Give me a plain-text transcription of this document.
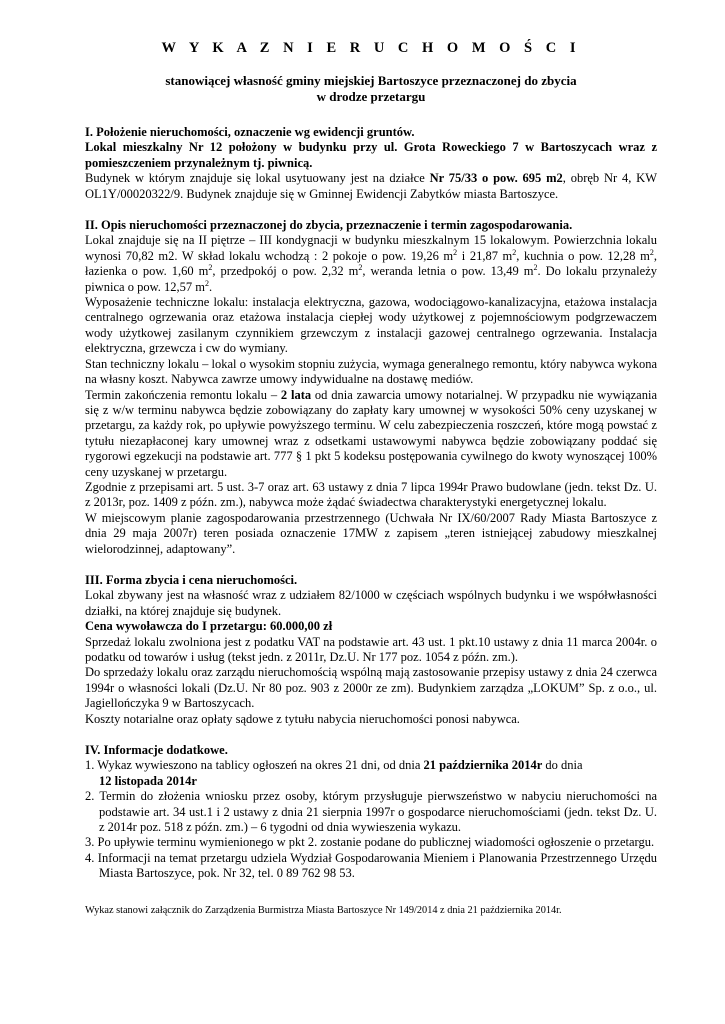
W Y K A Z N I E R U C H O M O Ś C I
stanowiącej własność gminy miejskiej Bartoszyce przeznaczonej do zbycia
w drodze przetargu

I. Położenie nieruchomości, oznaczenie wg ewidencji gruntów.

Lokal mieszkalny Nr 12 położony w budynku przy ul. Grota Roweckiego 7 w Bartoszycach wraz z pomieszczeniem przynależnym tj. piwnicą.

Budynek w którym znajduje się lokal usytuowany jest na działce Nr 75/33 o pow. 695 m2, obręb Nr 4, KW OL1Y/00020322/9. Budynek znajduje się w Gminnej Ewidencji Zabytków miasta Bartoszyce.

II. Opis nieruchomości przeznaczonej do zbycia, przeznaczenie i termin zagospodarowania.

Lokal znajduje się na II piętrze – III kondygnacji w budynku mieszkalnym 15 lokalowym. Powierzchnia lokalu wynosi 70,82 m2. W skład lokalu wchodzą : 2 pokoje o pow. 19,26 $m^2$ i 21,87 $m^2$, kuchnia o pow. 12,28 $m^2$, łazienka o pow. 1,60 $m^2$, przedpokój o pow. 2,32 $m^2$, weranda letnia o pow. 13,49 $m^2$. Do lokalu przynależy piwnica o pow. 12,57 $m^2$.

Wyposażenie techniczne lokalu: instalacja elektryczna, gazowa, wodociągowo-kanalizacyjna, etażowa instalacja centralnego ogrzewania oraz etażowa instalacja ciepłej wody użytkowej z pojemnościowym podgrzewaczem wody użytkowej zasilanym czynnikiem grzewczym z instalacji gazowej centralnego ogrzewania. Instalacja elektryczna, grzewcza i cw do wymiany.

Stan techniczny lokalu – lokal o wysokim stopniu zużycia, wymaga generalnego remontu, który nabywca wykona na własny koszt. Nabywca zawrze umowy indywidualne na dostawę mediów.

Termin zakończenia remontu lokalu – 2 lata od dnia zawarcia umowy notarialnej. W przypadku nie wywiązania się z w/w terminu nabywca będzie zobowiązany do zapłaty kary umownej w wysokości 50% ceny uzyskanej w przetargu, za każdy rok, po upływie powyższego terminu. W celu zabezpieczenia roszczeń, które mogą powstać z tytułu niezapłaconej kary umownej wraz z odsetkami ustawowymi nabywca będzie zobowiązany poddać się rygorowi egzekucji na podstawie art. 777 § 1 pkt 5 kodeksu postępowania cywilnego do kwoty wynoszącej 100% ceny uzyskanej w przetargu.

Zgodnie z przepisami art. 5 ust. 3-7 oraz art. 63 ustawy z dnia 7 lipca 1994r Prawo budowlane (jedn. tekst Dz. U. z 2013r, poz. 1409 z późn. zm.), nabywca może żądać świadectwa charakterystyki energetycznej lokalu.

W miejscowym planie zagospodarowania przestrzennego (Uchwała Nr IX/60/2007 Rady Miasta Bartoszyce z dnia 29 maja 2007r) teren posiada oznaczenie 17MW z zapisem „teren istniejącej zabudowy mieszkalnej wielorodzinnej, adaptowany”.

III. Forma zbycia i cena nieruchomości.

Lokal zbywany jest na własność wraz z udziałem 82/1000 w częściach wspólnych budynku i we współwłasności działki, na której znajduje się budynek.

Cena wywoławcza do I przetargu: 60.000,00 zł

Sprzedaż lokalu zwolniona jest z podatku VAT na podstawie art. 43 ust. 1 pkt.10 ustawy z dnia 11 marca 2004r. o podatku od towarów i usług (tekst jedn. z 2011r, Dz.U. Nr 177 poz. 1054 z późn. zm.).

Do sprzedaży lokalu oraz zarządu nieruchomością wspólną mają zastosowanie przepisy ustawy z dnia 24 czerwca 1994r o własności lokali (Dz.U. Nr 80 poz. 903 z 2000r ze zm). Budynkiem zarządza „LOKUM” Sp. z o.o., ul. Jagiellończyka 9 w Bartoszycach.

Koszty notarialne oraz opłaty sądowe z tytułu nabycia nieruchomości ponosi nabywca.

IV. Informacje dodatkowe.

1. Wykaz wywieszono na tablicy ogłoszeń na okres 21 dni, od dnia 21 października 2014r do dnia
12 listopada 2014r
2. Termin do złożenia wniosku przez osoby, którym przysługuje pierwszeństwo w nabyciu nieruchomości na podstawie art. 34 ust.1 i 2 ustawy z dnia 21 sierpnia 1997r o gospodarce nieruchomościami (jedn. tekst Dz. U. z 2014r poz. 518 z późn. zm.) – 6 tygodni od dnia wywieszenia wykazu.
3. Po upływie terminu wymienionego w pkt 2. zostanie podane do publicznej wiadomości ogłoszenie o przetargu.
4. Informacji na temat przetargu udziela Wydział Gospodarowania Mieniem i Planowania Przestrzennego Urzędu Miasta Bartoszyce, pok. Nr 32, tel. 0 89 762 98 53.
Wykaz stanowi załącznik do Zarządzenia Burmistrza Miasta Bartoszyce Nr 149/2014 z dnia 21 października 2014r.
